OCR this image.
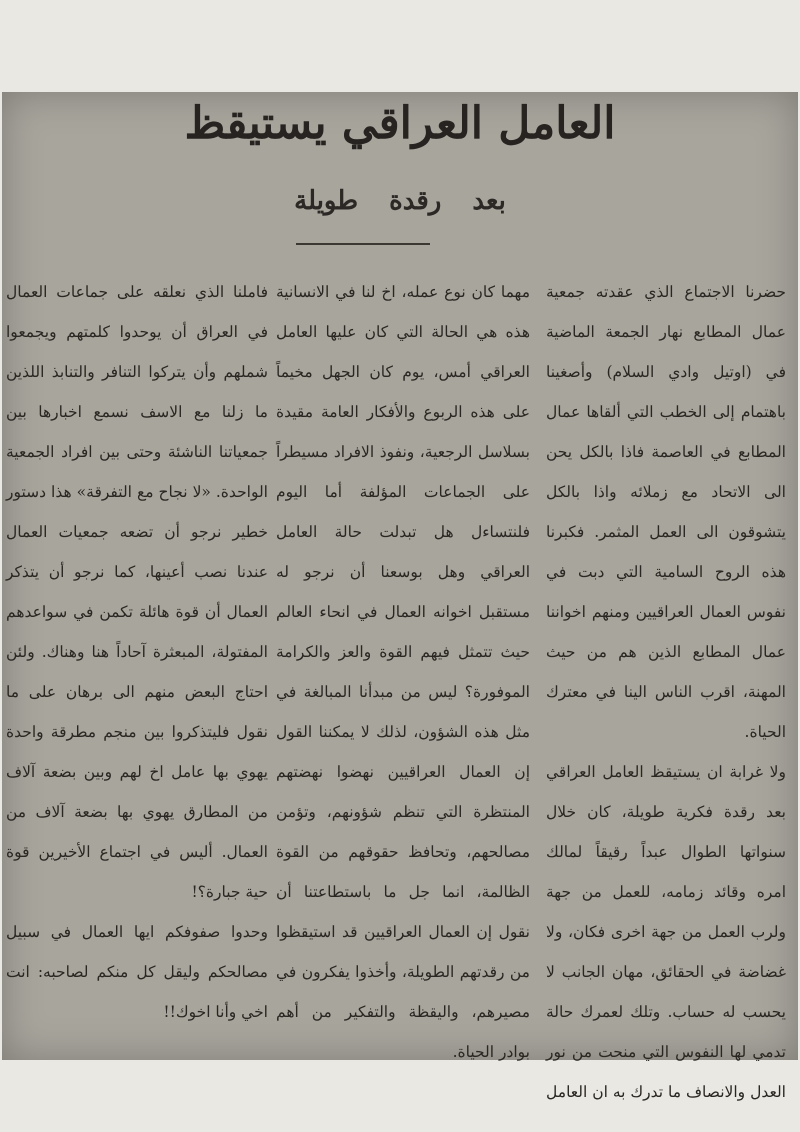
العامل العراقي يستيقظ
بعد رقدة طويلة

حضرنا الاجتماع الذي عقدته جمعية عمال المطابع نهار الجمعة الماضية في (اوتيل وادي السلام) وأصغينا باهتمام إلى الخطب التي ألقاها عمال المطابع في العاصمة فاذا بالكل يحن الى الاتحاد مع زملائه واذا بالكل يتشوقون الى العمل المثمر. فكبرنا هذه الروح السامية التي دبت في نفوس العمال العراقيين ومنهم اخواننا عمال المطابع الذين هم من حيث المهنة، اقرب الناس الينا في معترك الحياة.

ولا غرابة ان يستيقظ العامل العراقي بعد رقدة فكرية طويلة، كان خلال سنواتها الطوال عبداً رقيقاً لمالك امره وقائد زمامه، للعمل من جهة ولرب العمل من جهة اخرى فكان، ولا غضاضة في الحقائق، مهان الجانب لا يحسب له حساب. وتلك لعمرك حالة تدمي لها النفوس التي منحت من نور العدل والانصاف ما تدرك به ان العامل

مهما كان نوع عمله، اخ لنا في الانسانية هذه هي الحالة التي كان عليها العامل العراقي أمس، يوم كان الجهل مخيماً على هذه الربوع والأفكار العامة مقيدة بسلاسل الرجعية، ونفوذ الافراد مسيطراً على الجماعات المؤلفة أما اليوم فلنتساءل هل تبدلت حالة العامل العراقي وهل بوسعنا أن نرجو له مستقبل اخوانه العمال في انحاء العالم حيث تتمثل فيهم القوة والعز والكرامة الموفورة؟ ليس من مبدأنا المبالغة في مثل هذه الشؤون، لذلك لا يمكننا القول إن العمال العراقيين نهضوا نهضتهم المنتظرة التي تنظم شؤونهم، وتؤمن مصالحهم، وتحافظ حقوقهم من القوة الظالمة، انما جل ما باستطاعتنا أن نقول إن العمال العراقيين قد استيقظوا من رقدتهم الطويلة، وأخذوا يفكرون في مصيرهم، واليقظة والتفكير من أهم بوادر الحياة.

فاملنا الذي نعلقه على جماعات العمال في العراق أن يوحدوا كلمتهم ويجمعوا شملهم وأن يتركوا التنافر والتنابذ اللذين ما زلنا مع الاسف نسمع اخبارها بين جمعياتنا الناشئة وحتى بين افراد الجمعية الواحدة. «لا نجاح مع التفرقة» هذا دستور خطير نرجو أن تضعه جمعيات العمال عندنا نصب أعينها، كما نرجو أن يتذكر العمال أن قوة هائلة تكمن في سواعدهم المفتولة، المبعثرة آحاداً هنا وهناك. ولئن احتاج البعض منهم الى برهان على ما نقول فليتذكروا بين منجم مطرقة واحدة يهوي بها عامل اخ لهم وبين بضعة آلاف من المطارق يهوي بها بضعة آلاف من العمال. أليس في اجتماع الأخيرين قوة حية جبارة؟!

وحدوا صفوفكم ايها العمال في سبيل مصالحكم وليقل كل منكم لصاحبه: انت اخي وأنا اخوك!!
